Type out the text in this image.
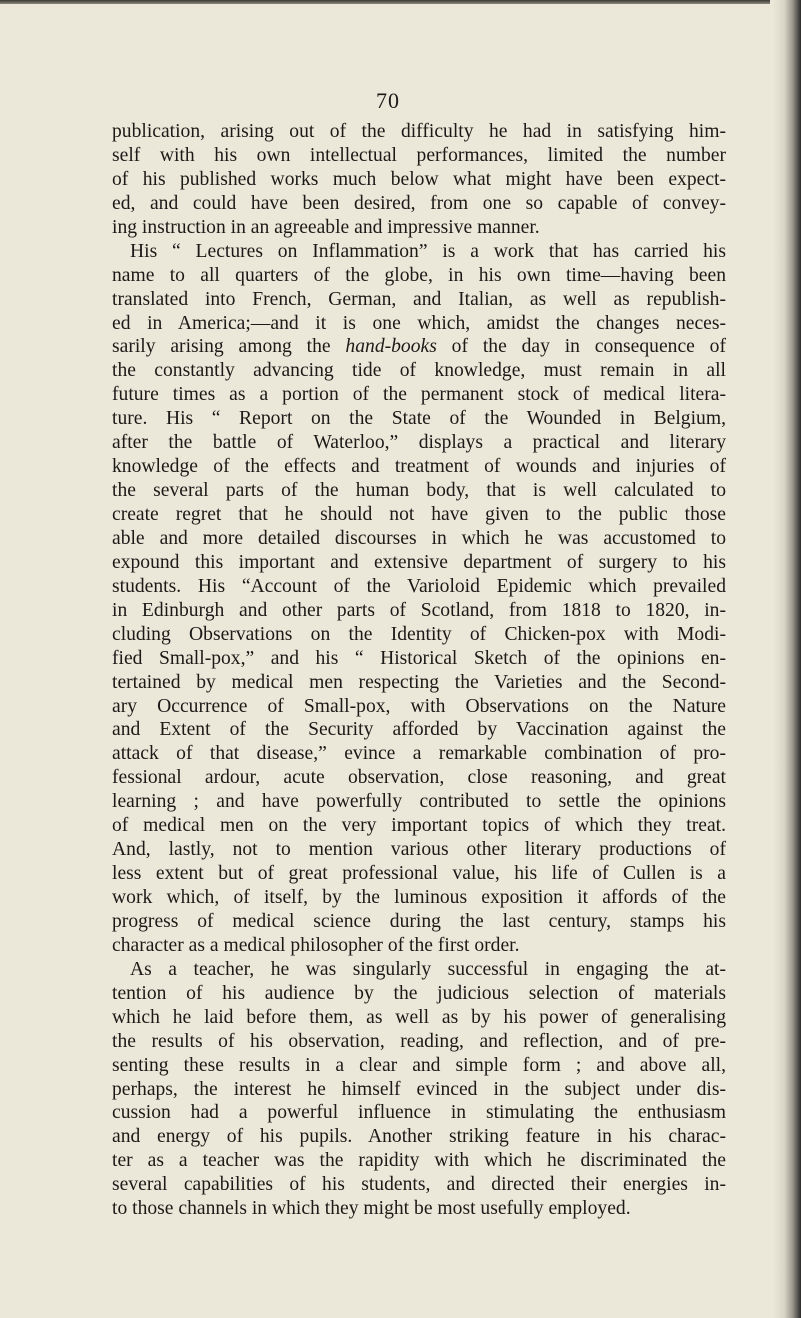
70
publication, arising out of the difficulty he had in satisfying him-
self with his own intellectual performances, limited the number
of his published works much below what might have been expect-
ed, and could have been desired, from one so capable of convey-
ing instruction in an agreeable and impressive manner.
His “ Lectures on Inflammation” is a work that has carried his
name to all quarters of the globe, in his own time—having been
translated into French, German, and Italian, as well as republish-
ed in America;—and it is one which, amidst the changes neces-
sarily arising among the hand-books of the day in consequence of
the constantly advancing tide of knowledge, must remain in all
future times as a portion of the permanent stock of medical litera-
ture. His “ Report on the State of the Wounded in Belgium,
after the battle of Waterloo,” displays a practical and literary
knowledge of the effects and treatment of wounds and injuries of
the several parts of the human body, that is well calculated to
create regret that he should not have given to the public those
able and more detailed discourses in which he was accustomed to
expound this important and extensive department of surgery to his
students. His “Account of the Varioloid Epidemic which prevailed
in Edinburgh and other parts of Scotland, from 1818 to 1820, in-
cluding Observations on the Identity of Chicken-pox with Modi-
fied Small-pox,” and his “ Historical Sketch of the opinions en-
tertained by medical men respecting the Varieties and the Second-
ary Occurrence of Small-pox, with Observations on the Nature
and Extent of the Security afforded by Vaccination against the
attack of that disease,” evince a remarkable combination of pro-
fessional ardour, acute observation, close reasoning, and great
learning ; and have powerfully contributed to settle the opinions
of medical men on the very important topics of which they treat.
And, lastly, not to mention various other literary productions of
less extent but of great professional value, his life of Cullen is a
work which, of itself, by the luminous exposition it affords of the
progress of medical science during the last century, stamps his
character as a medical philosopher of the first order.
As a teacher, he was singularly successful in engaging the at-
tention of his audience by the judicious selection of materials
which he laid before them, as well as by his power of generalising
the results of his observation, reading, and reflection, and of pre-
senting these results in a clear and simple form ; and above all,
perhaps, the interest he himself evinced in the subject under dis-
cussion had a powerful influence in stimulating the enthusiasm
and energy of his pupils. Another striking feature in his charac-
ter as a teacher was the rapidity with which he discriminated the
several capabilities of his students, and directed their energies in-
to those channels in which they might be most usefully employed.
